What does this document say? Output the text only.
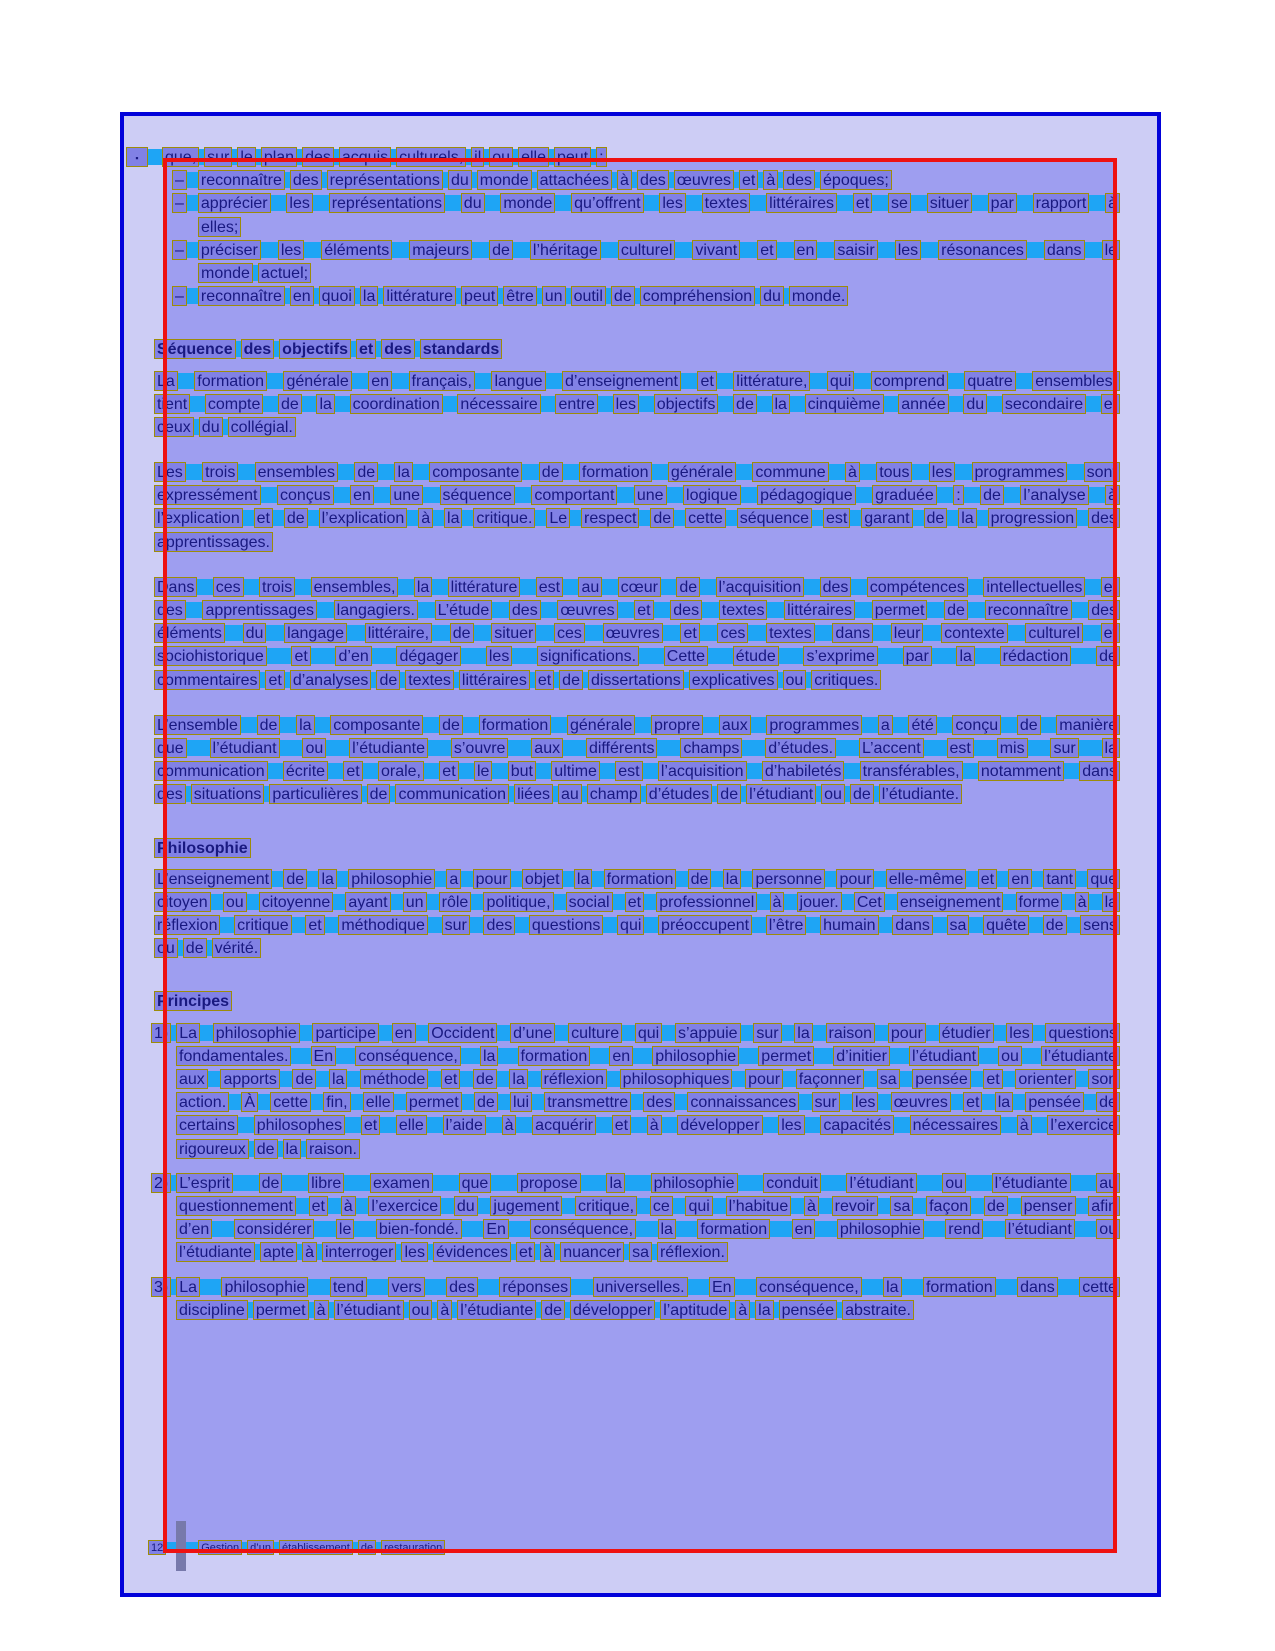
▪	que, sur le plan des acquis culturels, il ou elle peut :
– reconnaître des représentations du monde attachées à des œuvres et à des époques;
– apprécier les représentations du monde qu’offrent les textes littéraires et se situer par rapport à
elles;
– préciser les éléments majeurs de l’héritage culturel vivant et en saisir les résonances dans le
monde actuel;
– reconnaître en quoi la littérature peut être un outil de compréhension du monde.
Séquence des objectifs et des standards
La formation générale en français, langue d’enseignement et littérature, qui comprend quatre ensembles,
tient compte de la coordination nécessaire entre les objectifs de la cinquième année du secondaire et
ceux du collégial.
Les trois ensembles de la composante de formation générale commune à tous les programmes sont
expressément conçus en une séquence comportant une logique pédagogique graduée : de l’analyse à
l’explication et de l’explication à la critique. Le respect de cette séquence est garant de la progression des
apprentissages.
Dans ces trois ensembles, la littérature est au cœur de l’acquisition des compétences intellectuelles et
des apprentissages langagiers. L’étude des œuvres et des textes littéraires permet de reconnaître des
éléments du langage littéraire, de situer ces œuvres et ces textes dans leur contexte culturel et
sociohistorique et d’en dégager les significations. Cette étude s’exprime par la rédaction de
commentaires et d’analyses de textes littéraires et de dissertations explicatives ou critiques.
L’ensemble de la composante de formation générale propre aux programmes a été conçu de manière
que l’étudiant ou l’étudiante s’ouvre aux différents champs d’études. L’accent est mis sur la
communication écrite et orale, et le but ultime est l’acquisition d’habiletés transférables, notamment dans
des situations particulières de communication liées au champ d’études de l’étudiant ou de l’étudiante.
Philosophie
L’enseignement de la philosophie a pour objet la formation de la personne pour elle-même et en tant que
citoyen ou citoyenne ayant un rôle politique, social et professionnel à jouer. Cet enseignement forme à la
réflexion critique et méthodique sur des questions qui préoccupent l’être humain dans sa quête de sens
ou de vérité.
Principes
1) La philosophie participe en Occident d’une culture qui s’appuie sur la raison pour étudier les questions
fondamentales. En conséquence, la formation en philosophie permet d’initier l’étudiant ou l’étudiante
aux apports de la méthode et de la réflexion philosophiques pour façonner sa pensée et orienter son
action. À cette fin, elle permet de lui transmettre des connaissances sur les œuvres et la pensée de
certains philosophes et elle l’aide à acquérir et à développer les capacités nécessaires à l’exercice
rigoureux de la raison.
2) L’esprit de libre examen que propose la philosophie conduit l’étudiant ou l’étudiante au
questionnement et à l’exercice du jugement critique, ce qui l’habitue à revoir sa façon de penser afin
d’en considérer le bien-fondé. En conséquence, la formation en philosophie rend l’étudiant ou
l’étudiante apte à interroger les évidences et à nuancer sa réflexion.
3) La philosophie tend vers des réponses universelles. En conséquence, la formation dans cette
discipline permet à l’étudiant ou à l’étudiante de développer l’aptitude à la pensée abstraite.
12	Gestion d’un établissement de restauration
